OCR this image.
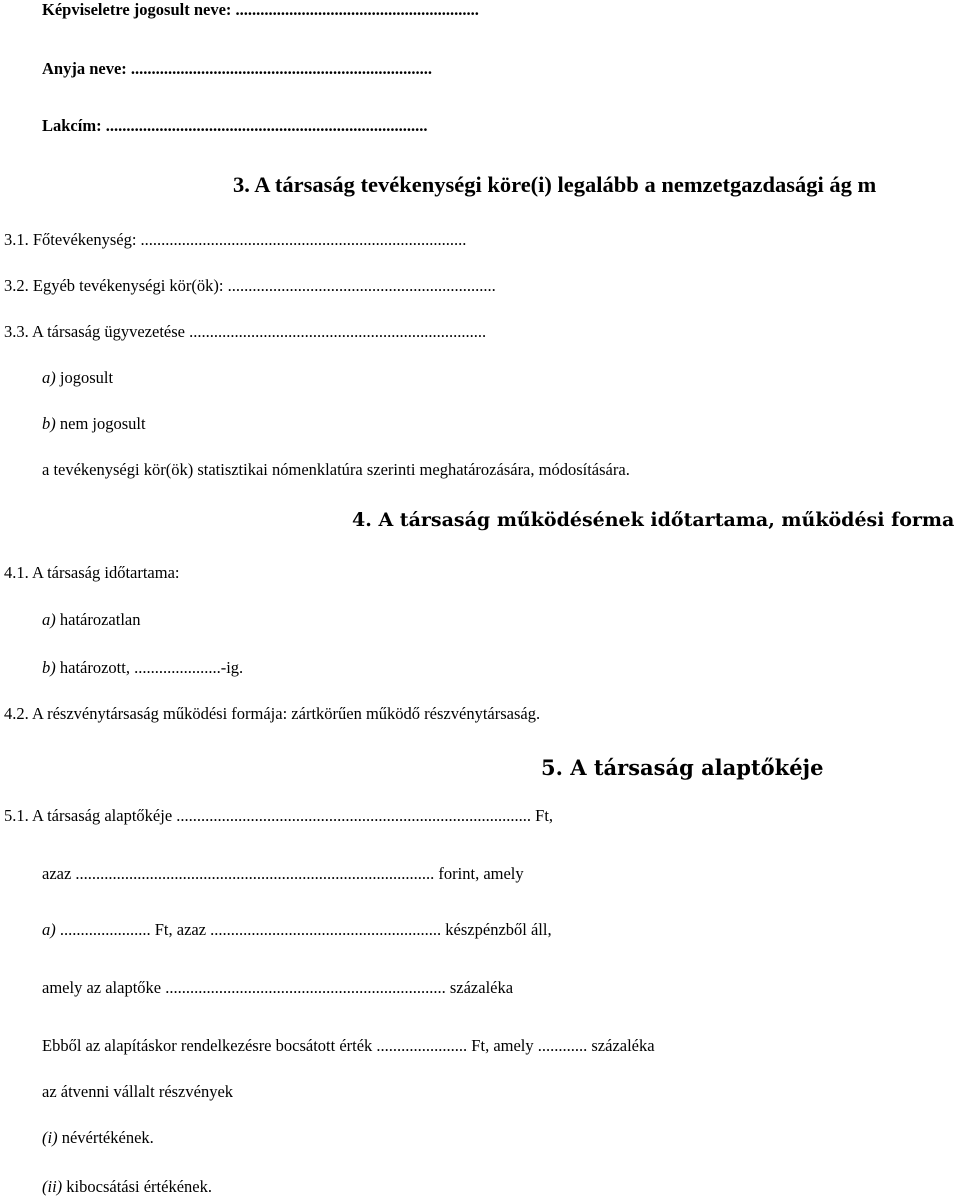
Képviseletre jogosult neve: ...........................................................
Anyja neve: .........................................................................
Lakcím: ..............................................................................
3. A társaság tevékenységi köre(i) legalább a nemzetgazdasági ág m
3.1. Főtevékenység: ...............................................................................
3.2. Egyéb tevékenységi kör(ök): .................................................................
3.3. A társaság ügyvezetése ........................................................................
a) jogosult
b) nem jogosult
a tevékenységi kör(ök) statisztikai nómenklatúra szerinti meghatározására, módosítására.
4. A társaság működésének időtartama, működési forma
4.1. A társaság időtartama:
a) határozatlan
b) határozott, .....................-ig.
4.2. A részvénytársaság működési formája: zártkörűen működő részvénytársaság.
5. A társaság alaptőkéje
5.1. A társaság alaptőkéje ...................................................................................... Ft,
azaz ....................................................................................... forint, amely
a) ...................... Ft, azaz ........................................................ készpénzből áll,
amely az alaptőke .................................................................... százaléka
Ebből az alapításkor rendelkezésre bocsátott érték ...................... Ft, amely ............ százaléka
az átvenni vállalt részvények
(i) névértékének.
(ii) kibocsátási értékének.
